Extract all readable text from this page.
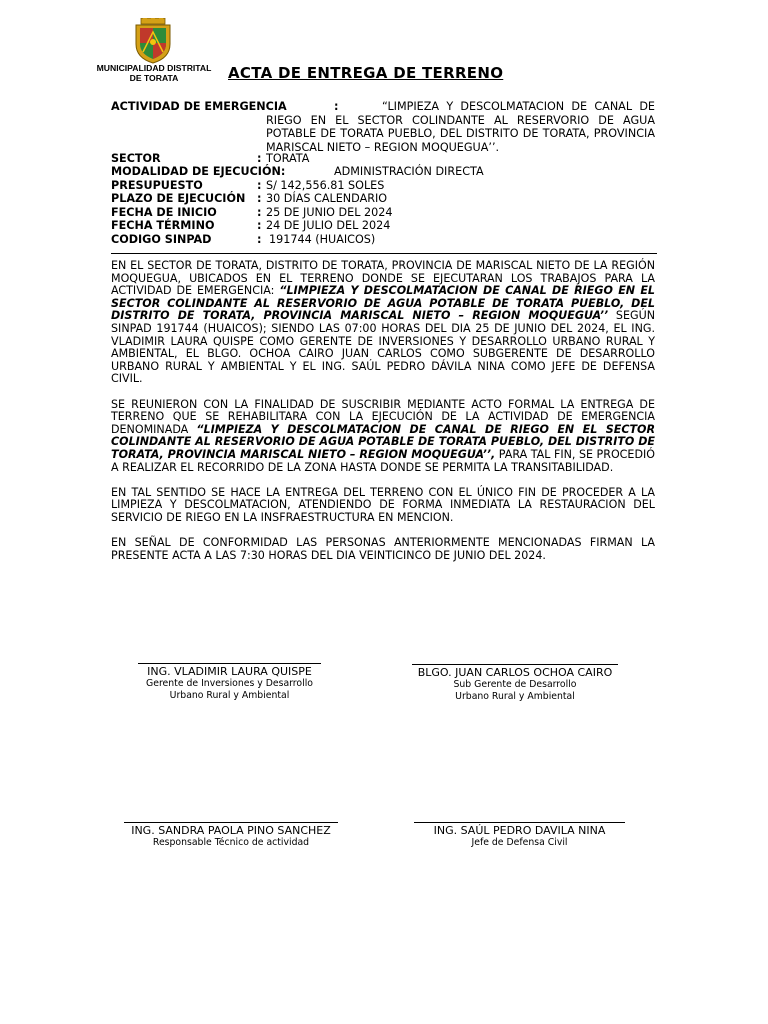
MUNICIPALIDAD DISTRITAL DE TORATA	ACTA DE ENTREGA DE TERRENO
ACTIVIDAD DE EMERGENCIA	:	“LIMPIEZA Y DESCOLMATACION DE CANAL DE RIEGO EN EL SECTOR COLINDANTE AL RESERVORIO DE AGUA POTABLE DE TORATA PUEBLO, DEL DISTRITO DE TORATA, PROVINCIA MARISCAL NIETO – REGION MOQUEGUA’’.
SECTOR	: TORATA
MODALIDAD DE EJECUCIÓN:	ADMINISTRACIÓN DIRECTA
PRESUPUESTO	: S/ 142,556.81 SOLES
PLAZO DE EJECUCIÓN : 30 DÍAS CALENDARIO
FECHA DE INICIO	: 25 DE JUNIO DEL 2024
FECHA TÉRMINO	: 24 DE JULIO DEL 2024
CODIGO SINPAD	: 191744 (HUAICOS)

EN EL SECTOR DE TORATA, DISTRITO DE TORATA, PROVINCIA DE MARISCAL NIETO DE LA REGIÓN MOQUEGUA, UBICADOS EN EL TERRENO DONDE SE EJECUTARAN LOS TRABAJOS PARA LA ACTIVIDAD DE EMERGENCIA: “LIMPIEZA Y DESCOLMATACION DE CANAL DE RIEGO EN EL SECTOR COLINDANTE AL RESERVORIO DE AGUA POTABLE DE TORATA PUEBLO, DEL DISTRITO DE TORATA, PROVINCIA MARISCAL NIETO – REGION MOQUEGUA’’ SEGÚN SINPAD 191744 (HUAICOS); SIENDO LAS 07:00 HORAS DEL DIA 25 DE JUNIO DEL 2024, EL ING. VLADIMIR LAURA QUISPE COMO GERENTE DE INVERSIONES Y DESARROLLO URBANO RURAL Y AMBIENTAL, EL BLGO. OCHOA CAIRO JUAN CARLOS COMO SUBGERENTE DE DESARROLLO URBANO RURAL Y AMBIENTAL Y EL ING. SAÚL PEDRO DÁVILA NINA COMO JEFE DE DEFENSA CIVIL.

SE REUNIERON CON LA FINALIDAD DE SUSCRIBIR MEDIANTE ACTO FORMAL LA ENTREGA DE TERRENO QUE SE REHABILITARA CON LA EJECUCIÓN DE LA ACTIVIDAD DE EMERGENCIA DENOMINADA “LIMPIEZA Y DESCOLMATACION DE CANAL DE RIEGO EN EL SECTOR COLINDANTE AL RESERVORIO DE AGUA POTABLE DE TORATA PUEBLO, DEL DISTRITO DE TORATA, PROVINCIA MARISCAL NIETO – REGION MOQUEGUA’’, PARA TAL FIN, SE PROCEDIÓ A REALIZAR EL RECORRIDO DE LA ZONA HASTA DONDE SE PERMITA LA TRANSITABILIDAD.

EN TAL SENTIDO SE HACE LA ENTREGA DEL TERRENO CON EL ÚNICO FIN DE PROCEDER A LA LIMPIEZA Y DESCOLMATACION, ATENDIENDO DE FORMA INMEDIATA LA RESTAURACION DEL SERVICIO DE RIEGO EN LA INSFRAESTRUCTURA EN MENCION.

EN SEÑAL DE CONFORMIDAD LAS PERSONAS ANTERIORMENTE MENCIONADAS FIRMAN LA PRESENTE ACTA A LAS 7:30 HORAS DEL DIA VEINTICINCO DE JUNIO DEL 2024.

ING. VLADIMIR LAURA QUISPE
Gerente de Inversiones y Desarrollo
Urbano Rural y Ambiental
BLGO. JUAN CARLOS OCHOA CAIRO
Sub Gerente de Desarrollo
Urbano Rural y Ambiental
ING. SANDRA PAOLA PINO SANCHEZ
Responsable Técnico de actividad
ING. SAÚL PEDRO DAVILA NINA
Jefe de Defensa Civil
